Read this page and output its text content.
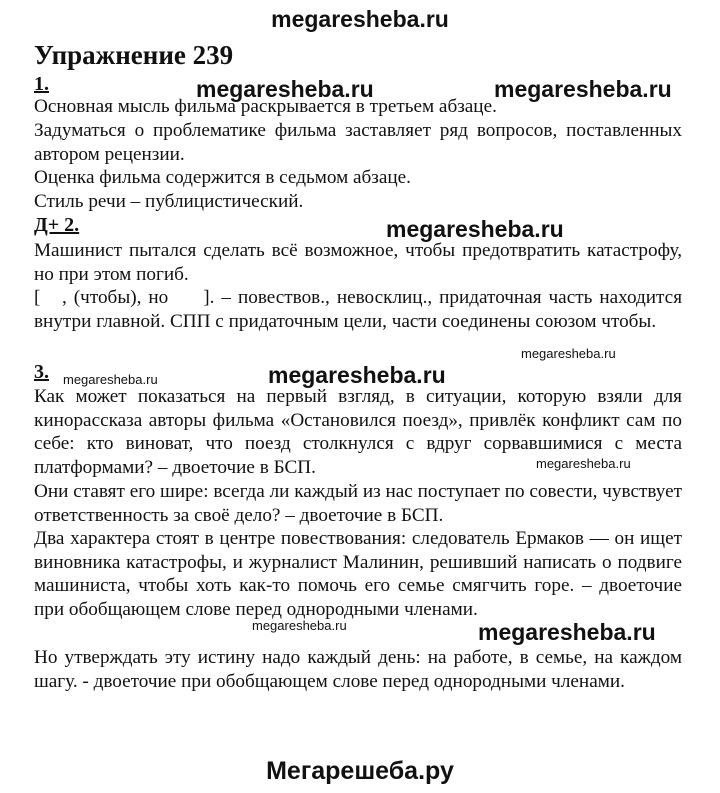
megaresheba.ru
Упражнение 239
1.	megaresheba.ru	megaresheba.ru

Основная мысль фильма раскрывается в третьем абзаце.

Задуматься о проблематике фильма заставляет ряд вопросов, поставленных автором рецензии.

Оценка фильма содержится в седьмом абзаце.

Стиль речи – публицистический.

Д+ 2.	megaresheba.ru

Машинист пытался сделать всё возможное, чтобы предотвратить катастрофу, но при этом погиб.

[ , (чтобы), но ]. – повествов., невосклиц., придаточная часть находится внутри главной. СПП с придаточным цели, части соединены союзом чтобы.

megaresheba.ru
megaresheba.ru
3. megaresheba.ru

Как может показаться на первый взгляд, в ситуации, которую взяли для кинорассказа авторы фильма «Остановился поезд», привлёк конфликт сам по себе: кто виноват, что поезд столкнулся с вдруг сорвавшимися с места платформами? – двоеточие в БСП.	megaresheba.ru

Они ставят его шире: всегда ли каждый из нас поступает по совести, чувствует ответственность за своё дело? – двоеточие в БСП.

Два характера стоят в центре повествования: следователь Ермаков — он ищет виновника катастрофы, и журналист Малинин, решивший написать о подвиге машиниста, чтобы хоть как-то помочь его семье смягчить горе. – двоеточие при обобщающем слове перед однородными членами.

megaresheba.ru	megaresheba.ru

Но утверждать эту истину надо каждый день: на работе, в семье, на каждом шагу. - двоеточие при обобщающем слове перед однородными членами.

Мегарешеба.ру
